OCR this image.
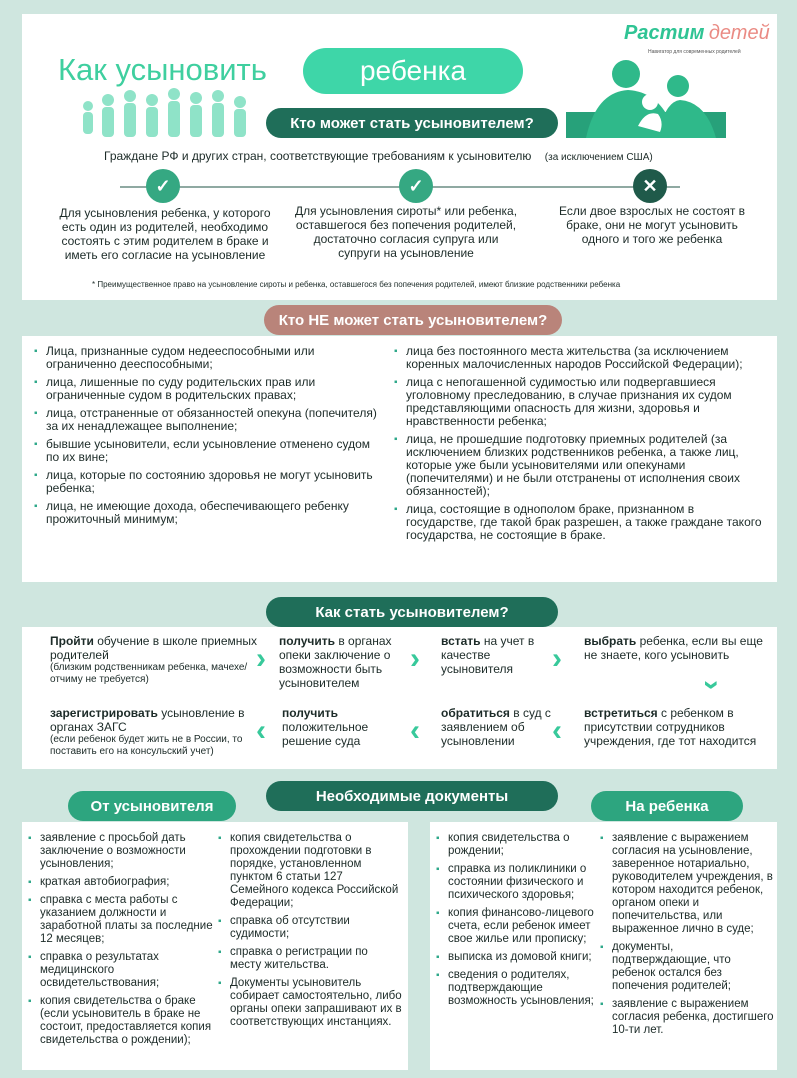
Как усыновить	ребенка
Растим детей
Навигатор для современных родителей
Кто может стать усыновителем?
Граждане РФ и других стран, соответствующие требованиям к усыновителю (за исключением США)
✓	✓	✕
Для усыновления ребенка, у которого есть один из родителей, необходимо состоять с этим родителем в браке и иметь его согласие на усыновление
Для усыновления сироты* или ребенка, оставшегося без попечения родителей, достаточно согласия супруга или супруги на усыновление
Если двое взрослых не состоят в браке, они не могут усыновить одного и того же ребенка
* Преимущественное право на усыновление сироты и ребенка, оставшегося без попечения родителей, имеют близкие родственники ребенка
Кто НЕ может стать усыновителем?
▪ Лица, признанные судом недееспособными или ограниченно дееспособными;
▪ лица, лишенные по суду родительских прав или ограниченные судом в родительских правах;
▪ лица, отстраненные от обязанностей опекуна (попечителя) за их ненадлежащее выполнение;
▪ бывшие усыновители, если усыновление отменено судом по их вине;
▪ лица, которые по состоянию здоровья не могут усыновить ребенка;
▪ лица, не имеющие дохода, обеспечивающего ребенку прожиточный минимум;
▪ лица без постоянного места жительства (за исключением коренных малочисленных народов Российской Федерации);
▪ лица с непогашенной судимостью или подвергавшиеся уголовному преследованию, в случае признания их судом представляющими опасность для жизни, здоровья и нравственности ребенка;
▪ лица, не прошедшие подготовку приемных родителей (за исключением близких родственников ребенка, а также лиц, которые уже были усыновителями или опекунами (попечителями) и не были отстранены от исполнения своих обязанностей);
▪ лица, состоящие в однополом браке, признанном в государстве, где такой брак разрешен, а также граждане такого государства, не состоящие в браке.
Как стать усыновителем?
Пройти обучение в школе приемных родителей
(близким родственникам ребенка, мачехе/отчиму не требуется)
›
получить в органах опеки заключение о возможности быть усыновителем
›
встать на учет в качестве усыновителя	›
выбрать ребенка, если вы еще не знаете, кого усыновить
›
встретиться с ребенком в присутствии сотрудников учреждения, где тот находится
‹
обратиться в суд с заявлением об усыновлении
‹
получить положительное решение суда
‹
зарегистрировать усыновление в органах ЗАГС
(если ребенок будет жить не в России, то поставить его на консульский учет)
Необходимые документы
От усыновителя	На ребенка
▪ заявление с просьбой дать заключение о возможности усыновления;
▪ краткая автобиография;
▪ справка с места работы с указанием должности и заработной платы за последние 12 месяцев;
▪ справка о результатах медицинского освидетельствования;
▪ копия свидетельства о браке (если усыновитель в браке не состоит, предоставляется копия свидетельства о рождении);
▪ копия свидетельства о прохождении подготовки в порядке, установленном пунктом 6 статьи 127 Семейного кодекса Российской Федерации;
▪ справка об отсутствии судимости;
▪ справка о регистрации по месту жительства.
▪ Документы усыновитель собирает самостоятельно, либо органы опеки запрашивают их в соответствующих инстанциях.
▪ копия свидетельства о рождении;
▪ справка из поликлиники о состоянии физического и психического здоровья;
▪ копия финансово-лицевого счета, если ребенок имеет свое жилье или прописку;
▪ выписка из домовой книги;
▪ сведения о родителях, подтверждающие возможность усыновления;
▪ заявление с выражением согласия на усыновление, заверенное нотариально, руководителем учреждения, в котором находится ребенок, органом опеки и попечительства, или выраженное лично в суде;
▪ документы, подтверждающие, что ребенок остался без попечения родителей;
▪ заявление с выражением согласия ребенка, достигшего 10-ти лет.
